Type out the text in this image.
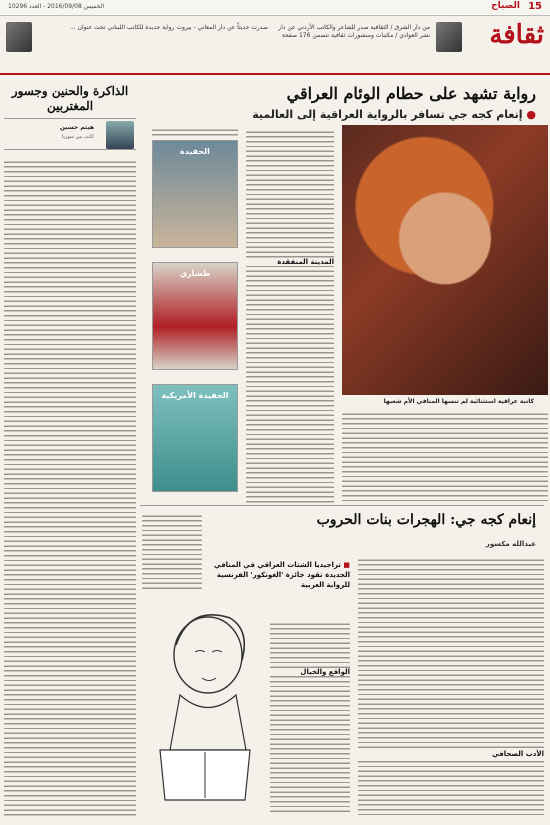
15
الصباح
الخميس 2016/09/08 - العدد 10296
ثقافة
من دار الشرق / الثقافية صدر للشاعر والكاتب الأردني عن دار نشر العوادي / مكتبات ومنشورات ثقافية تتضمن 176 صفحة
صدرت حديثاً عن دار المعاني - بيروت رواية جديدة للكاتب اللبناني تحت عنوان ...
الذاكرة والحنين وجسور المغتربين
هيثم حسين
كاتب من سوريا
رواية تشهد على حطام الوئام العراقي
● إنعام كجه جي تسافر بالرواية العراقية إلى العالمية
المدينة المنفقدة
كاتبة عراقية استثنائية لم تنسها المنافي الأم شعبها
الحفيدة
طشاري
الحفيدة الأمريكية
إنعام كجه جي: الهجرات بنات الحروب
عبدالله مكسور
■ تراجيديا الشتات العراقي في المنافي الجديدة تقود جائزة 'الغونكور' الفرنسية للرواية العربية
الواقع والخيال
الأدب الصحافي
